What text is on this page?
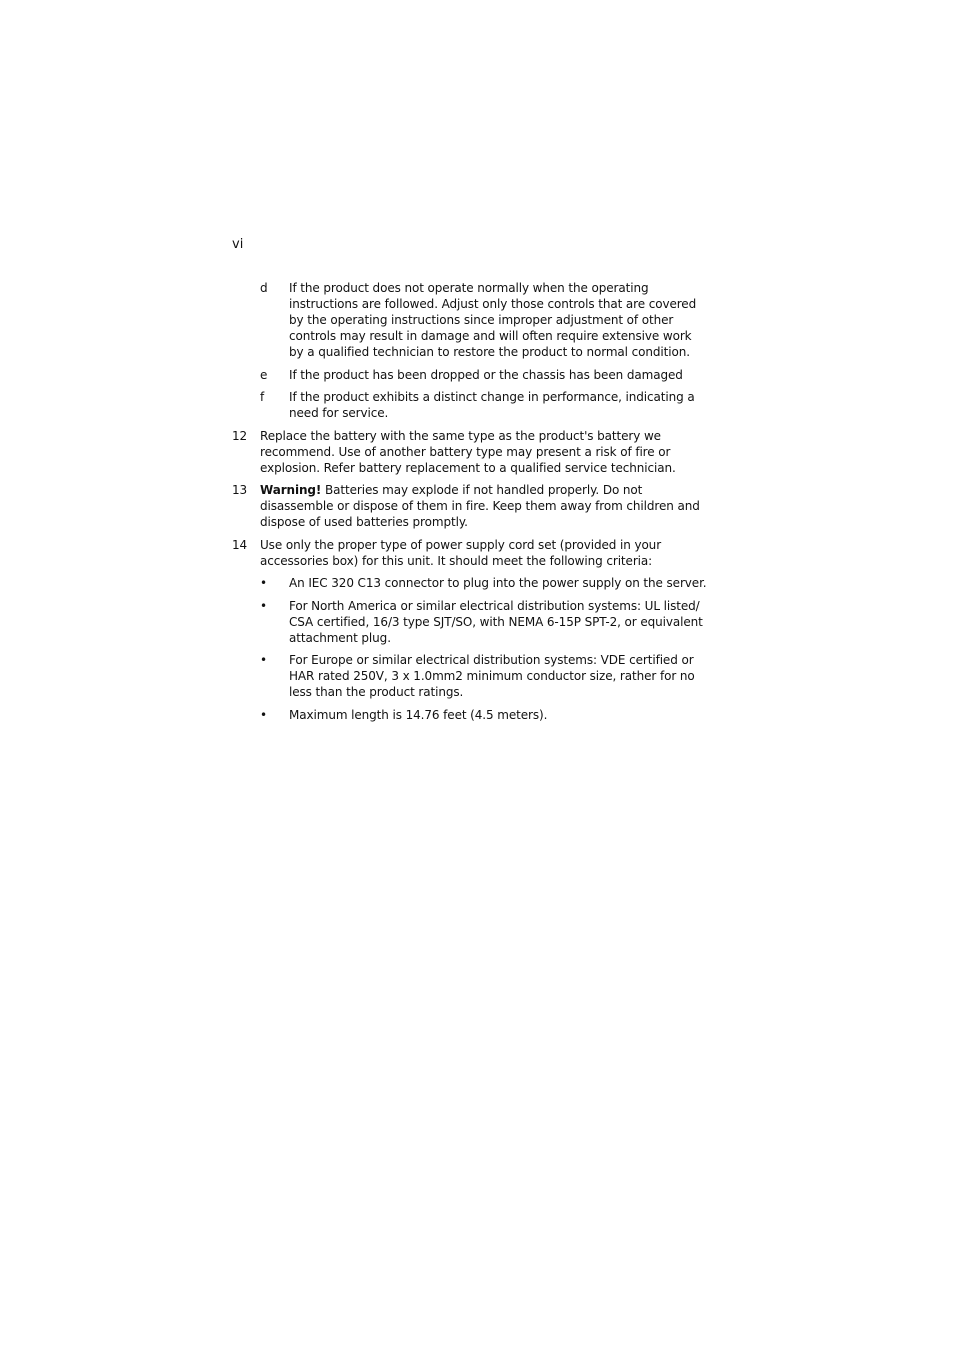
vi
d If the product does not operate normally when the operating instructions are followed. Adjust only those controls that are covered by the operating instructions since improper adjustment of other controls may result in damage and will often require extensive work by a qualified technician to restore the product to normal condition.
e If the product has been dropped or the chassis has been damaged
f If the product exhibits a distinct change in performance, indicating a need for service.
12 Replace the battery with the same type as the product's battery we recommend. Use of another battery type may present a risk of fire or explosion. Refer battery replacement to a qualified service technician.
13 Warning! Batteries may explode if not handled properly. Do not disassemble or dispose of them in fire. Keep them away from children and dispose of used batteries promptly.
14 Use only the proper type of power supply cord set (provided in your accessories box) for this unit. It should meet the following criteria:
• An IEC 320 C13 connector to plug into the power supply on the server.
• For North America or similar electrical distribution systems: UL listed/ CSA certified, 16/3 type SJT/SO, with NEMA 6-15P SPT-2, or equivalent attachment plug.
• For Europe or similar electrical distribution systems: VDE certified or HAR rated 250V, 3 x 1.0mm2 minimum conductor size, rather for no less than the product ratings.
• Maximum length is 14.76 feet (4.5 meters).
